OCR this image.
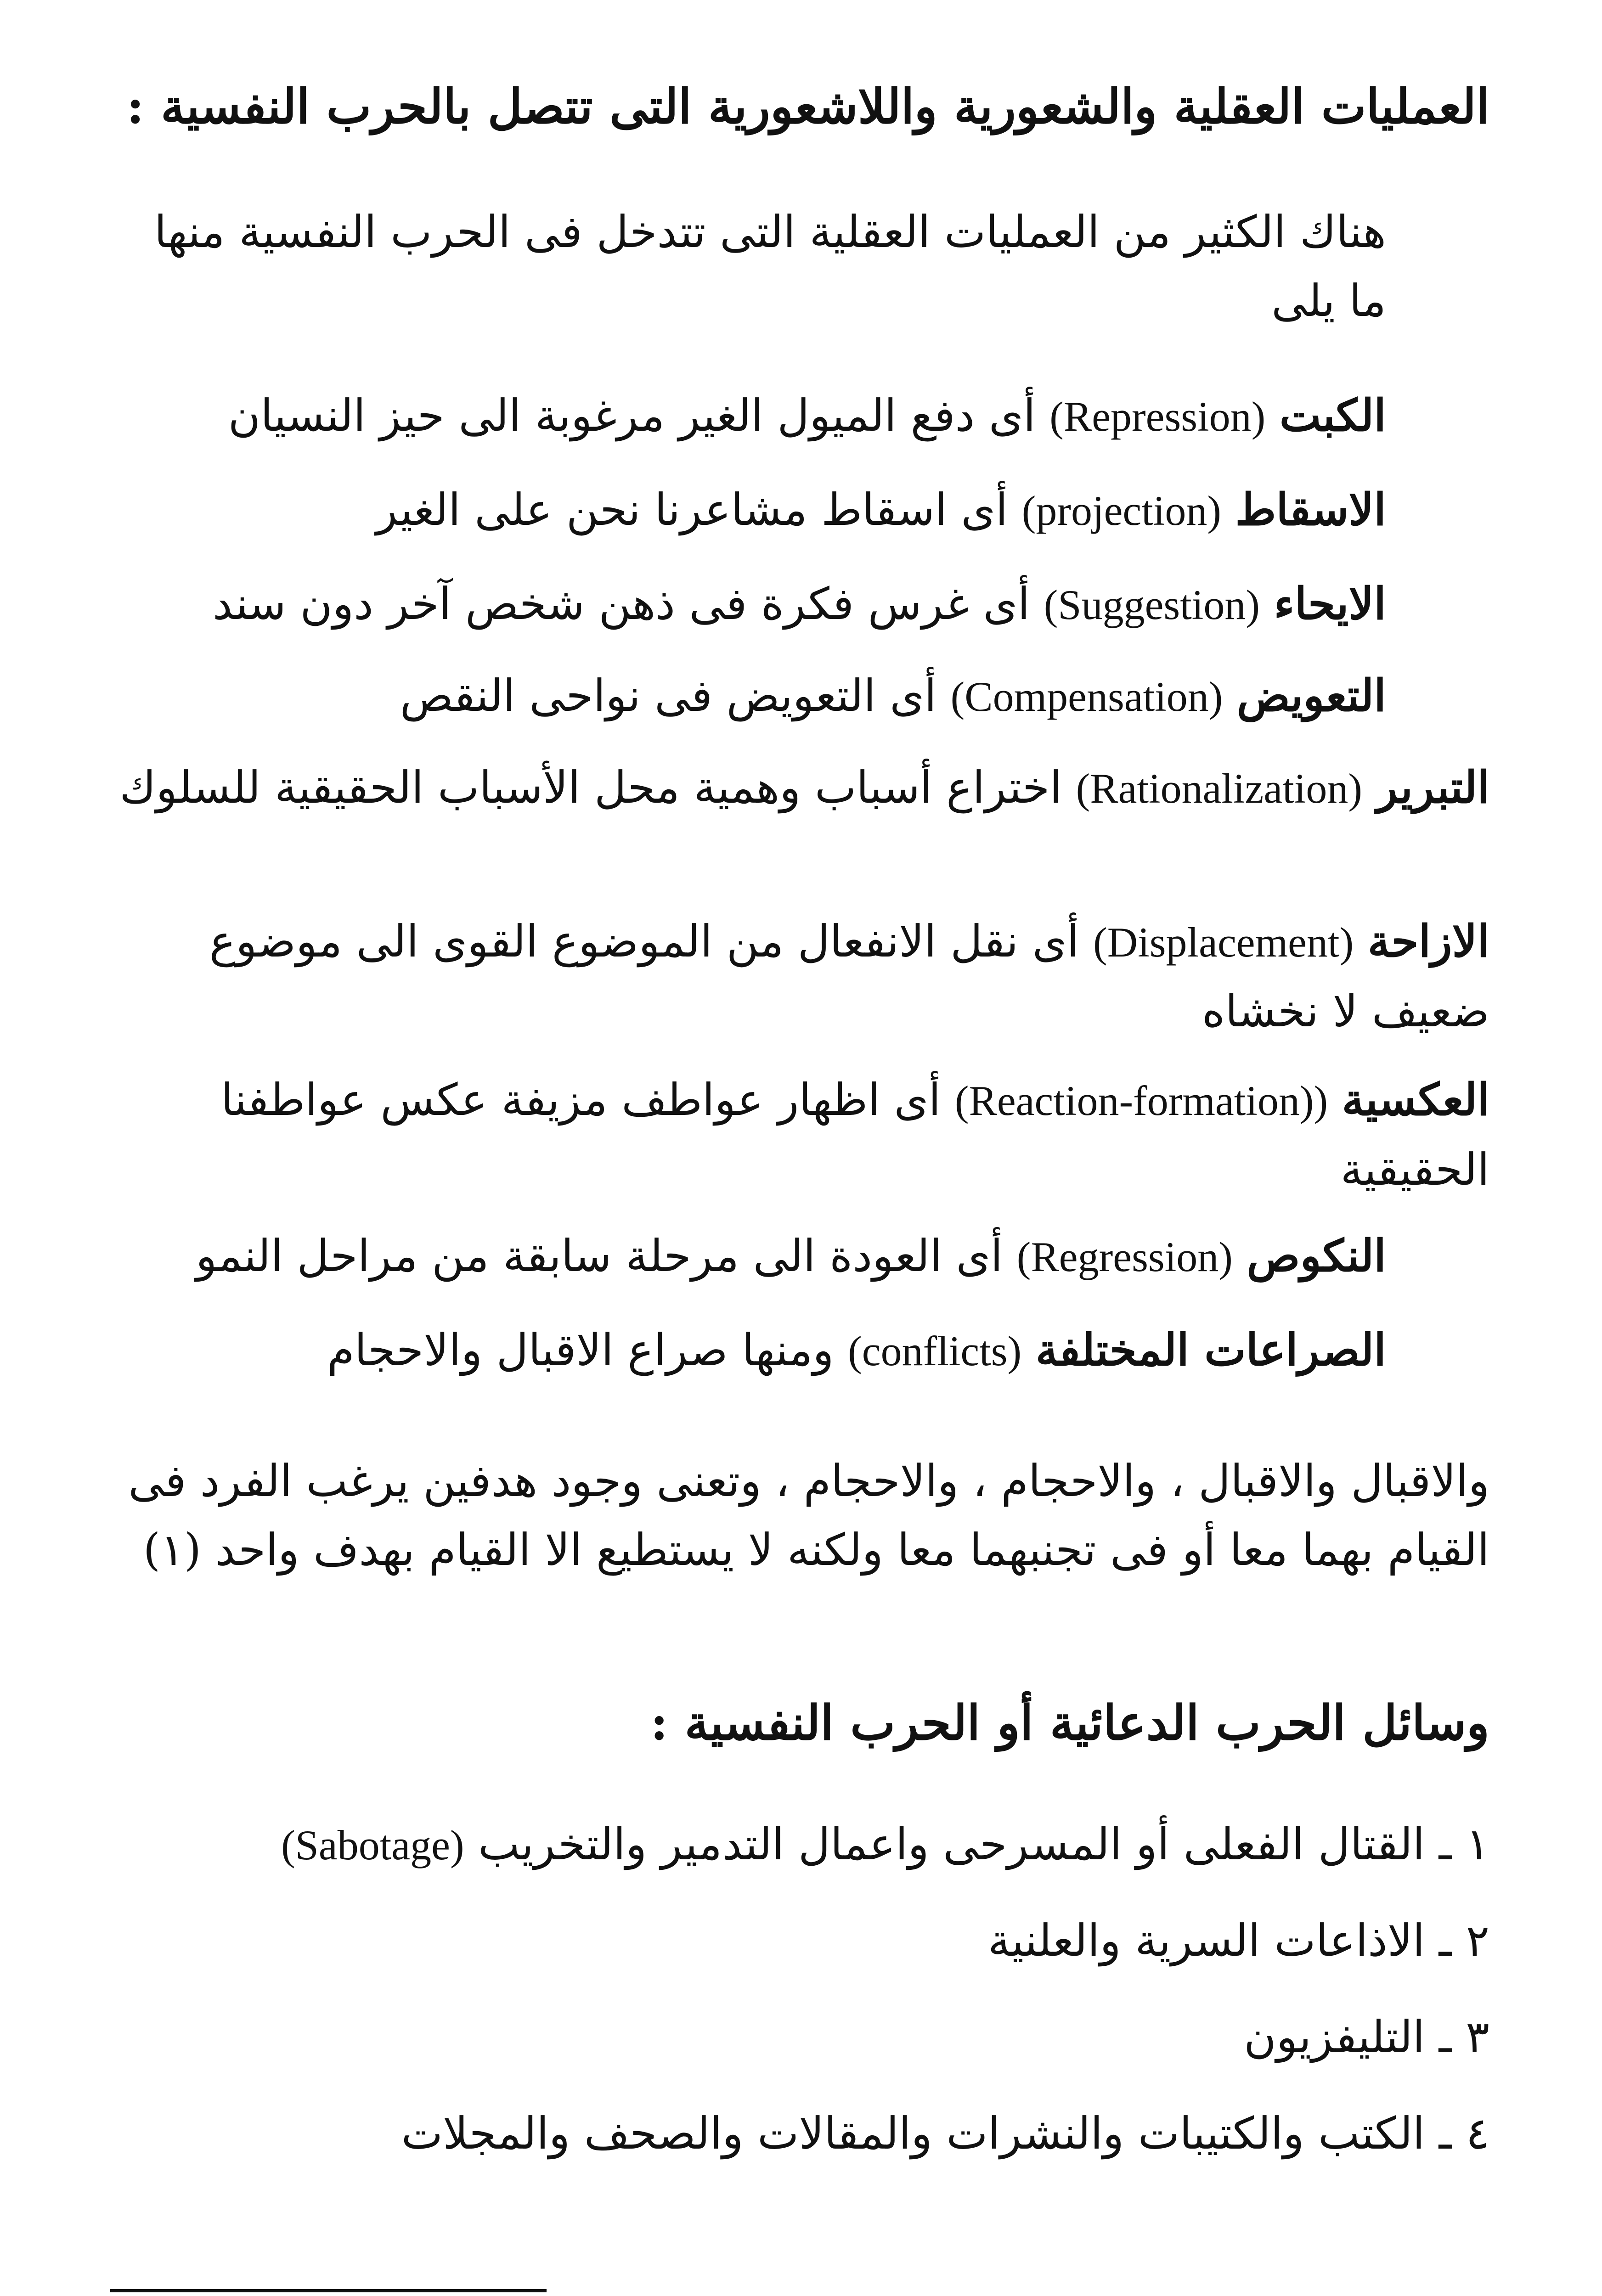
العمليات العقلية والشعورية واللاشعورية التى تتصل بالحرب النفسية :
هناك الكثير من العمليات العقلية التى تتدخل فى الحرب النفسية منها ما يلى
الكبت (Repression) أى دفع الميول الغير مرغوبة الى حيز النسيان
الاسقاط (projection) أى اسقاط مشاعرنا نحن على الغير
الايحاء (Suggestion) أى غرس فكرة فى ذهن شخص آخر دون سند
التعويض (Compensation) أى التعويض فى نواحى النقص
التبرير (Rationalization) اختراع أسباب وهمية محل الأسباب الحقيقية للسلوك
الازاحة (Displacement) أى نقل الانفعال من الموضوع القوى الى موضوع ضعيف لا نخشاه
العكسية ((Reaction-formation) أى اظهار عواطف مزيفة عكس عواطفنا الحقيقية
النكوص (Regression) أى العودة الى مرحلة سابقة من مراحل النمو
الصراعات المختلفة (conflicts) ومنها صراع الاقبال والاحجام
والاقبال والاقبال ، والاحجام ، والاحجام ، وتعنى وجود هدفين يرغب الفرد فى القيام بهما معا أو فى تجنبهما معا ولكنه لا يستطيع الا القيام بهدف واحد (١)
وسائل الحرب الدعائية أو الحرب النفسية :
١ ـ القتال الفعلى أو المسرحى واعمال التدمير والتخريب (Sabotage)
٢ ـ الاذاعات السرية والعلنية
٣ ـ التليفزيون
٤ ـ الكتب والكتيبات والنشرات والمقالات والصحف والمجلات
